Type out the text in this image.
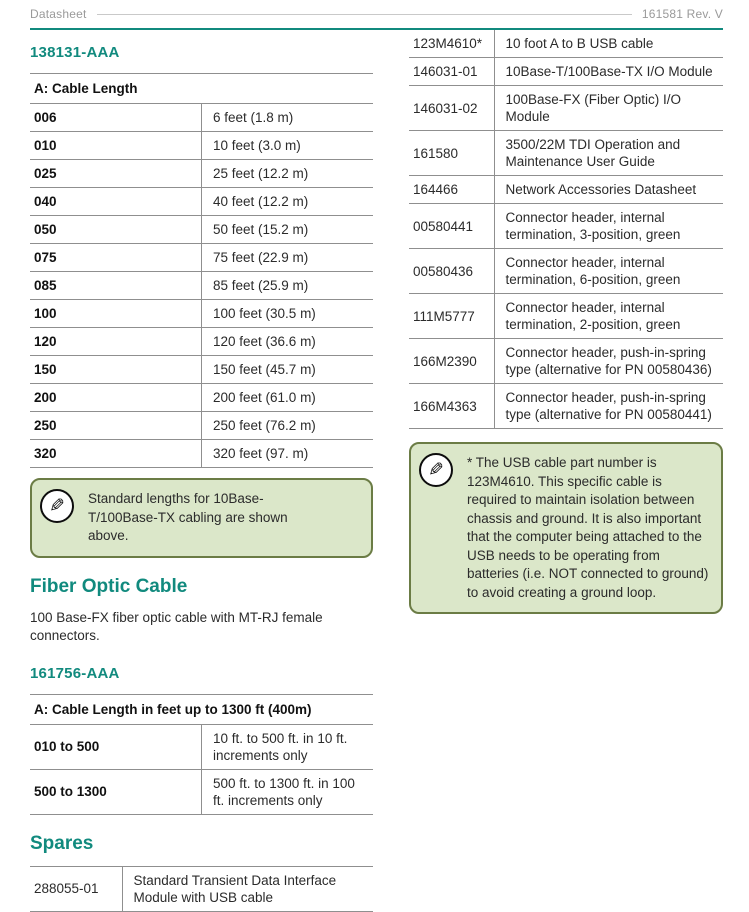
Datasheet	161581 Rev. V
138131-AAA
A: Cable Length	
006	6 feet (1.8 m)
010	10 feet (3.0 m)
025	25 feet (12.2 m)
040	40 feet (12.2 m)
050	50 feet (15.2 m)
075	75 feet (22.9 m)
085	85 feet (25.9 m)
100	100 feet (30.5 m)
120	120 feet (36.6 m)
150	150 feet (45.7 m)
200	200 feet (61.0 m)
250	250 feet (76.2 m)
320	320 feet (97. m)
✎ Standard lengths for 10Base-T/100Base-TX cabling are shown above.
Fiber Optic Cable
100 Base-FX fiber optic cable with MT-RJ female connectors.
161756-AAA
A: Cable Length in feet up to 1300 ft (400m)	
010 to 500	10 ft. to 500 ft. in 10 ft. increments only
500 to 1300	500 ft. to 1300 ft. in 100 ft. increments only
Spares
288055-01	Standard Transient Data Interface Module with USB cable
123M4610*	10 foot A to B USB cable
146031-01	10Base-T/100Base-TX I/O Module
146031-02	100Base-FX (Fiber Optic) I/O Module
161580	3500/22M TDI Operation and Maintenance User Guide
164466	Network Accessories Datasheet
00580441	Connector header, internal termination, 3-position, green
00580436	Connector header, internal termination, 6-position, green
111M5777	Connector header, internal termination, 2-position, green
166M2390	Connector header, push-in-spring type (alternative for PN 00580436)
166M4363	Connector header, push-in-spring type (alternative for PN 00580441)
✎ * The USB cable part number is 123M4610. This specific cable is required to maintain isolation between chassis and ground. It is also important that the computer being attached to the USB needs to be operating from batteries (i.e. NOT connected to ground) to avoid creating a ground loop.
